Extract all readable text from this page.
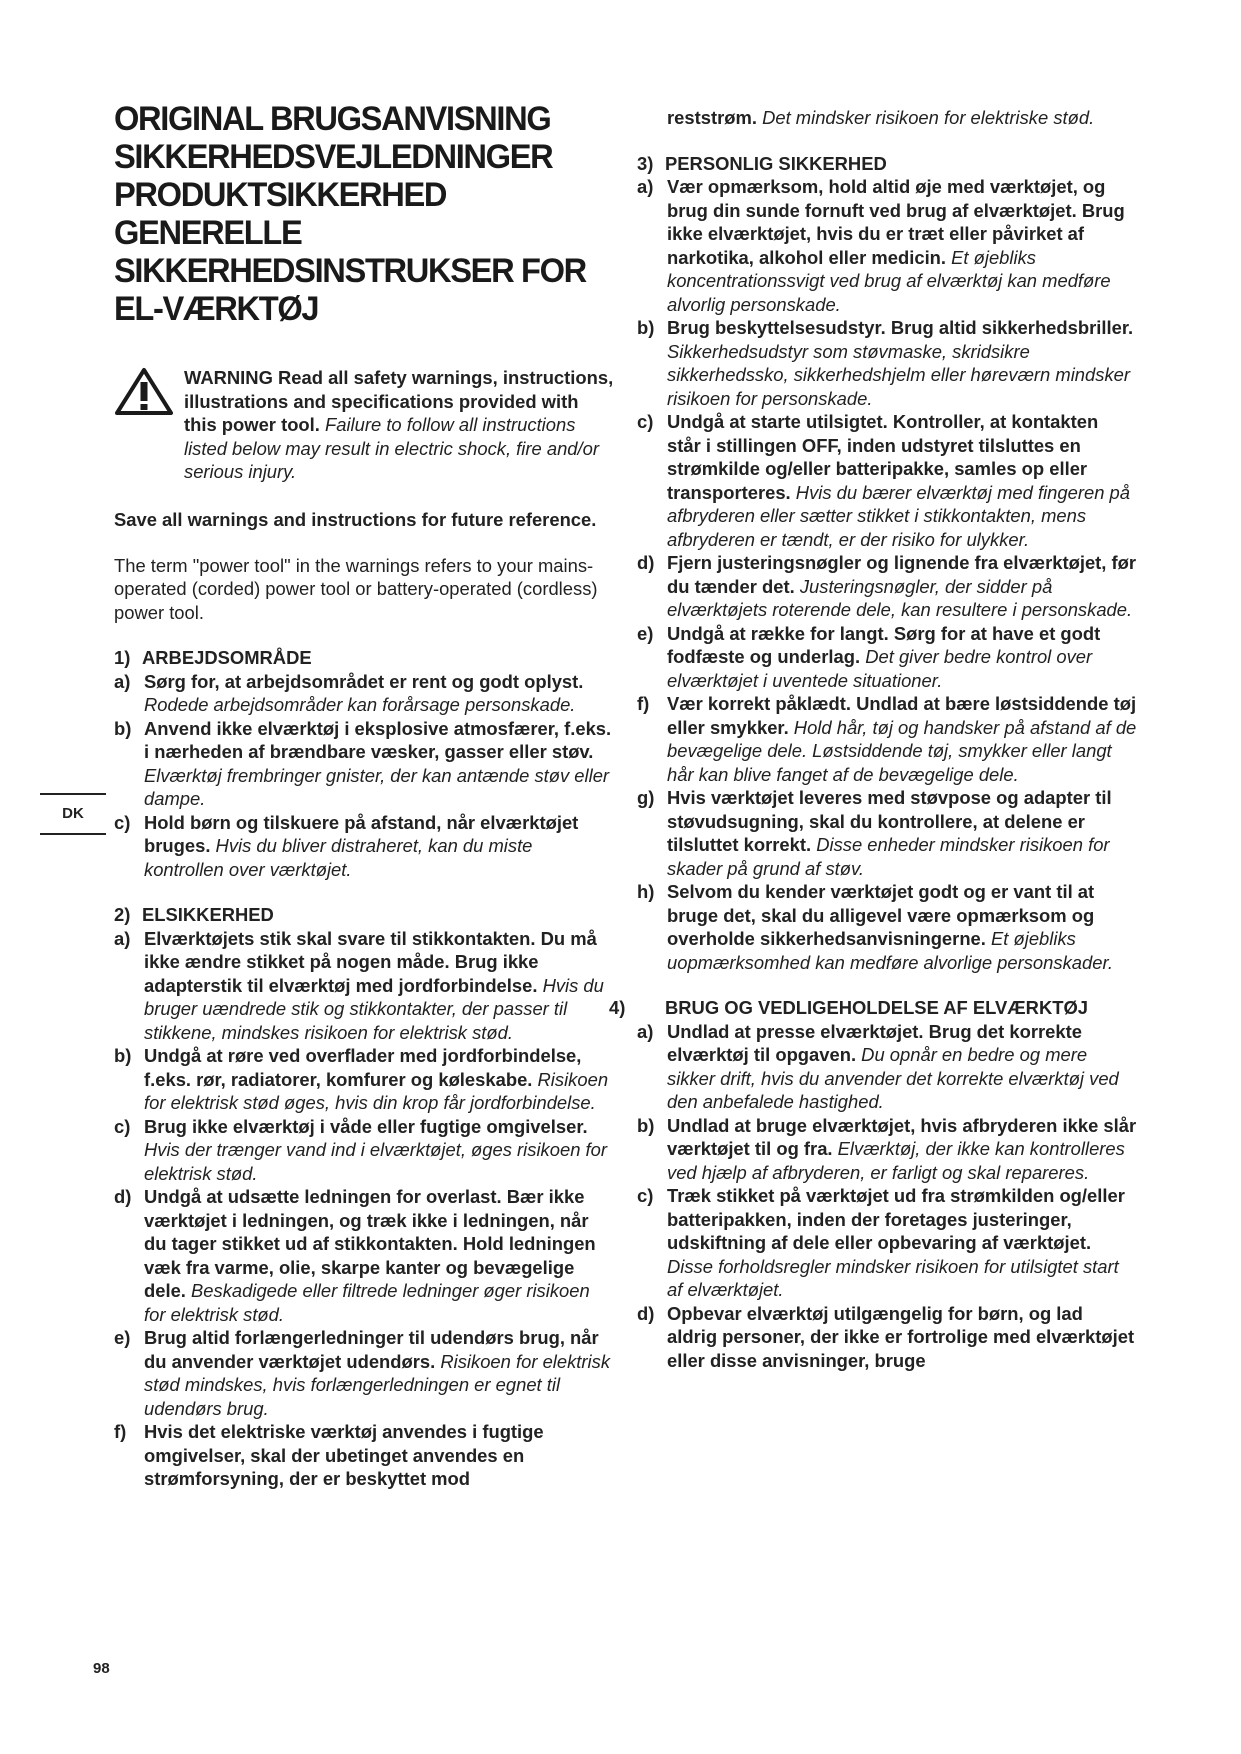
ORIGINAL BRUGSANVISNING
SIKKERHEDSVEJLEDNINGER
PRODUKTSIKKERHED
GENERELLE
SIKKERHEDSINSTRUKSER FOR
EL-VÆRKTØJ

WARNING Read all safety warnings, instructions, illustrations and specifications provided with this power tool. Failure to follow all instructions listed below may result in electric shock, fire and/or serious injury.

Save all warnings and instructions for future reference.

The term "power tool" in the warnings refers to your mains-operated (corded) power tool or battery-operated (cordless) power tool.

1) ARBEJDSOMRÅDE
a) Sørg for, at arbejdsområdet er rent og godt oplyst. Rodede arbejdsområder kan forårsage personskade.
b) Anvend ikke elværktøj i eksplosive atmosfærer, f.eks. i nærheden af brændbare væsker, gasser eller støv. Elværktøj frembringer gnister, der kan antænde støv eller dampe.
c) Hold børn og tilskuere på afstand, når elværktøjet bruges. Hvis du bliver distraheret, kan du miste kontrollen over værktøjet.
2) ELSIKKERHED
a) Elværktøjets stik skal svare til stikkontakten. Du må ikke ændre stikket på nogen måde. Brug ikke adapterstik til elværktøj med jordforbindelse. Hvis du bruger uændrede stik og stikkontakter, der passer til stikkene, mindskes risikoen for elektrisk stød.
b) Undgå at røre ved overflader med jordforbindelse, f.eks. rør, radiatorer, komfurer og køleskabe. Risikoen for elektrisk stød øges, hvis din krop får jordforbindelse.
c) Brug ikke elværktøj i våde eller fugtige omgivelser. Hvis der trænger vand ind i elværktøjet, øges risikoen for elektrisk stød.
d) Undgå at udsætte ledningen for overlast. Bær ikke værktøjet i ledningen, og træk ikke i ledningen, når du tager stikket ud af stikkontakten. Hold ledningen væk fra varme, olie, skarpe kanter og bevægelige dele. Beskadigede eller filtrede ledninger øger risikoen for elektrisk stød.
e) Brug altid forlængerledninger til udendørs brug, når du anvender værktøjet udendørs. Risikoen for elektrisk stød mindskes, hvis forlængerledningen er egnet til udendørs brug.
f) Hvis det elektriske værktøj anvendes i fugtige omgivelser, skal der ubetinget anvendes en strømforsyning, der er beskyttet mod
reststrøm. Det mindsker risikoen for elektriske stød.
3) PERSONLIG SIKKERHED
a) Vær opmærksom, hold altid øje med værktøjet, og brug din sunde fornuft ved brug af elværktøjet. Brug ikke elværktøjet, hvis du er træt eller påvirket af narkotika, alkohol eller medicin. Et øjebliks koncentrationssvigt ved brug af elværktøj kan medføre alvorlig personskade.
b) Brug beskyttelsesudstyr. Brug altid sikkerhedsbriller. Sikkerhedsudstyr som støvmaske, skridsikre sikkerhedssko, sikkerhedshjelm eller høreværn mindsker risikoen for personskade.
c) Undgå at starte utilsigtet. Kontroller, at kontakten står i stillingen OFF, inden udstyret tilsluttes en strømkilde og/eller batteripakke, samles op eller transporteres. Hvis du bærer elværktøj med fingeren på afbryderen eller sætter stikket i stikkontakten, mens afbryderen er tændt, er der risiko for ulykker.
d) Fjern justeringsnøgler og lignende fra elværktøjet, før du tænder det. Justeringsnøgler, der sidder på elværktøjets roterende dele, kan resultere i personskade.
e) Undgå at række for langt. Sørg for at have et godt fodfæste og underlag. Det giver bedre kontrol over elværktøjet i uventede situationer.
f) Vær korrekt påklædt. Undlad at bære løstsiddende tøj eller smykker. Hold hår, tøj og handsker på afstand af de bevægelige dele. Løstsiddende tøj, smykker eller langt hår kan blive fanget af de bevægelige dele.
g) Hvis værktøjet leveres med støvpose og adapter til støvudsugning, skal du kontrollere, at delene er tilsluttet korrekt. Disse enheder mindsker risikoen for skader på grund af støv.
h) Selvom du kender værktøjet godt og er vant til at bruge det, skal du alligevel være opmærksom og overholde sikkerhedsanvisningerne. Et øjebliks uopmærksomhed kan medføre alvorlige personskader.
4) BRUG OG VEDLIGEHOLDELSE AF ELVÆRKTØJ
a) Undlad at presse elværktøjet. Brug det korrekte elværktøj til opgaven. Du opnår en bedre og mere sikker drift, hvis du anvender det korrekte elværktøj ved den anbefalede hastighed.
b) Undlad at bruge elværktøjet, hvis afbryderen ikke slår værktøjet til og fra. Elværktøj, der ikke kan kontrolleres ved hjælp af afbryderen, er farligt og skal repareres.
c) Træk stikket på værktøjet ud fra strømkilden og/eller batteripakken, inden der foretages justeringer, udskiftning af dele eller opbevaring af værktøjet. Disse forholdsregler mindsker risikoen for utilsigtet start af elværktøjet.
d) Opbevar elværktøj utilgængelig for børn, og lad aldrig personer, der ikke er fortrolige med elværktøjet eller disse anvisninger, bruge
DK
98
